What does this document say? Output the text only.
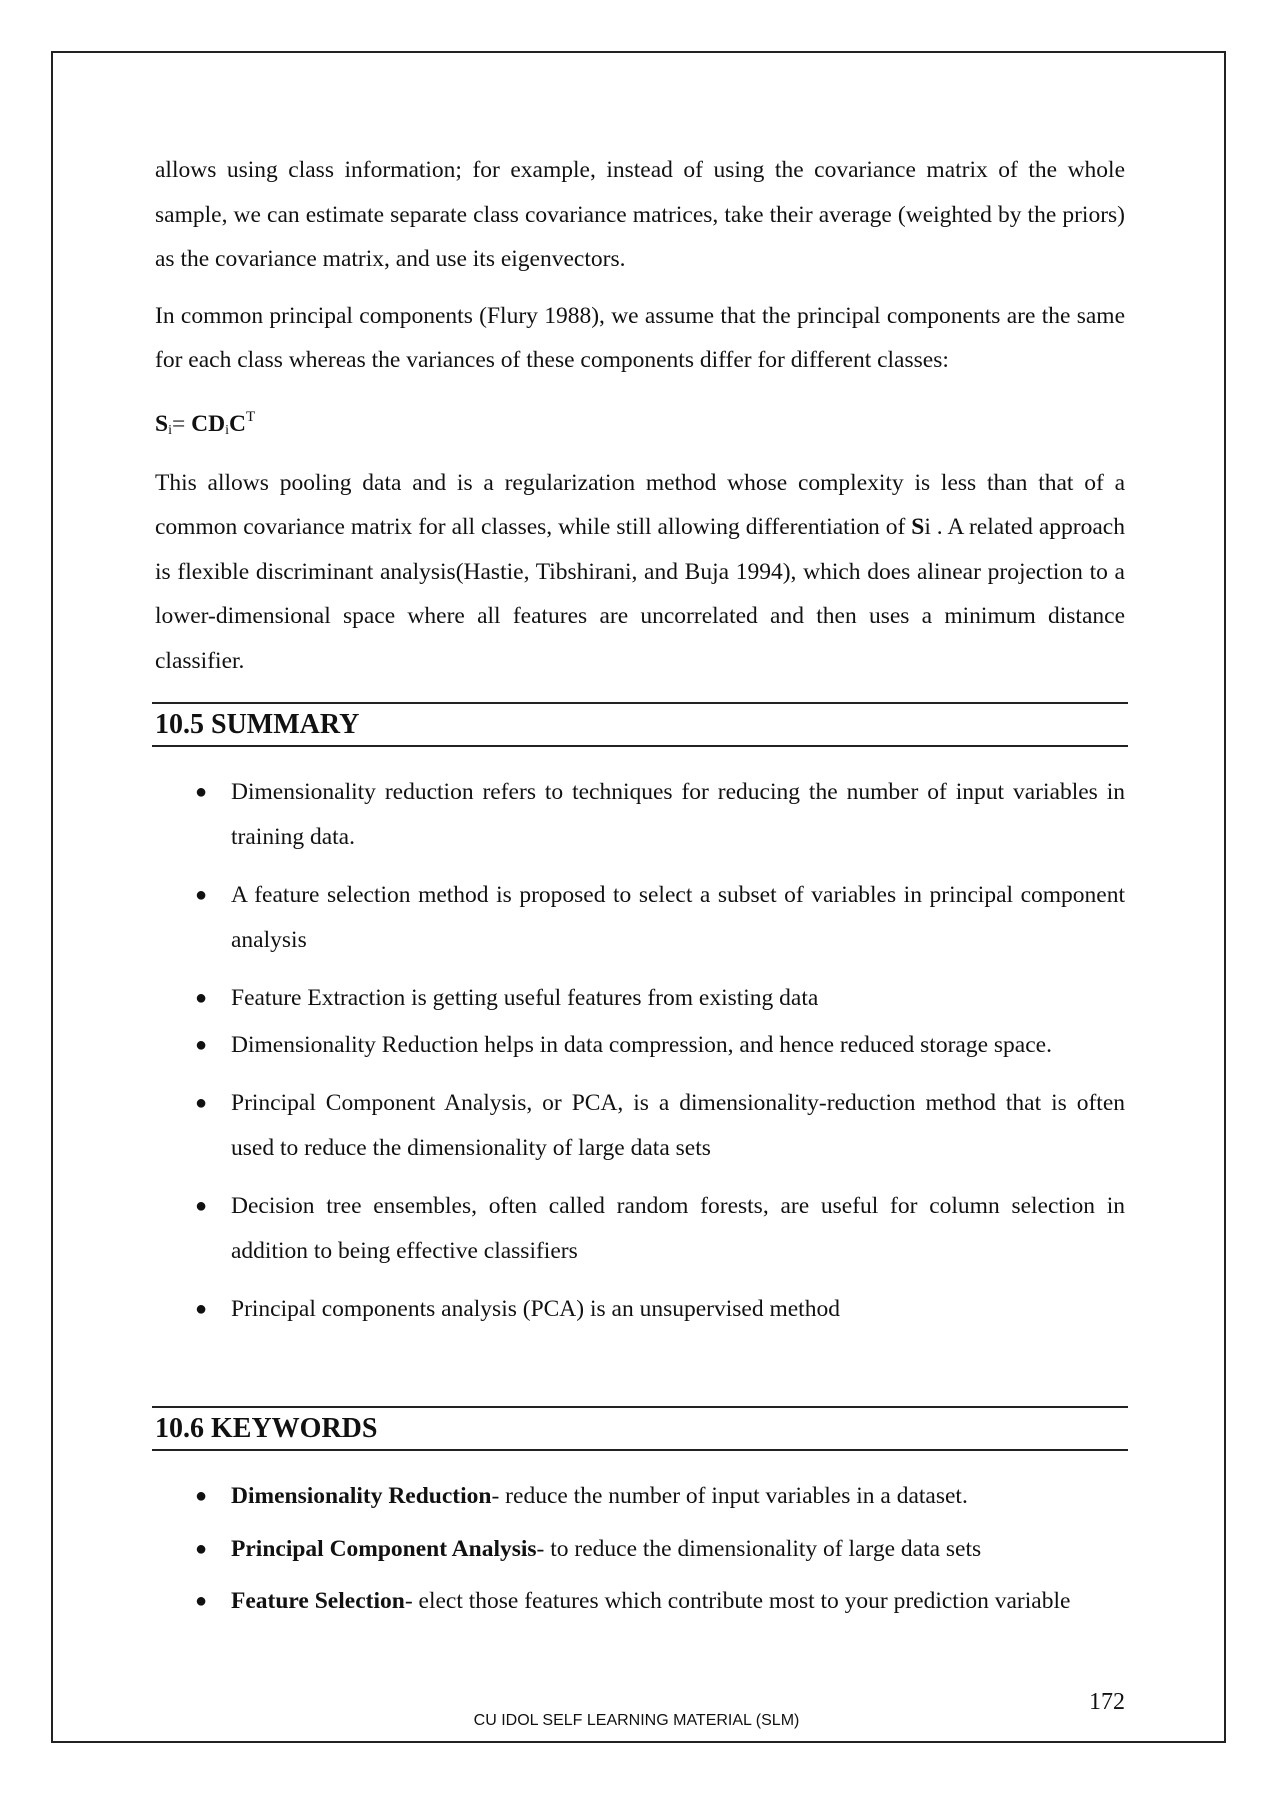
allows using class information; for example, instead of using the covariance matrix of the whole sample, we can estimate separate class covariance matrices, take their average (weighted by the priors) as the covariance matrix, and use its eigenvectors.

In common principal components (Flury 1988), we assume that the principal components are the same for each class whereas the variances of these components differ for different classes:

$S_i= CD_iC^T$

This allows pooling data and is a regularization method whose complexity is less than that of a common covariance matrix for all classes, while still allowing differentiation of Si . A related approach is flexible discriminant analysis(Hastie, Tibshirani, and Buja 1994), which does alinear projection to a lower-dimensional space where all features are uncorrelated and then uses a minimum distance classifier.

10.5 SUMMARY
● Dimensionality reduction refers to techniques for reducing the number of input variables in training data.
● A feature selection method is proposed to select a subset of variables in principal component analysis
● Feature Extraction is getting useful features from existing data
● Dimensionality Reduction helps in data compression, and hence reduced storage space.
● Principal Component Analysis, or PCA, is a dimensionality-reduction method that is often used to reduce the dimensionality of large data sets
● Decision tree ensembles, often called random forests, are useful for column selection in addition to being effective classifiers
● Principal components analysis (PCA) is an unsupervised method
10.6 KEYWORDS
● Dimensionality Reduction- reduce the number of input variables in a dataset.
● Principal Component Analysis- to reduce the dimensionality of large data sets
● Feature Selection- elect those features which contribute most to your prediction variable
172
CU IDOL SELF LEARNING MATERIAL (SLM)
